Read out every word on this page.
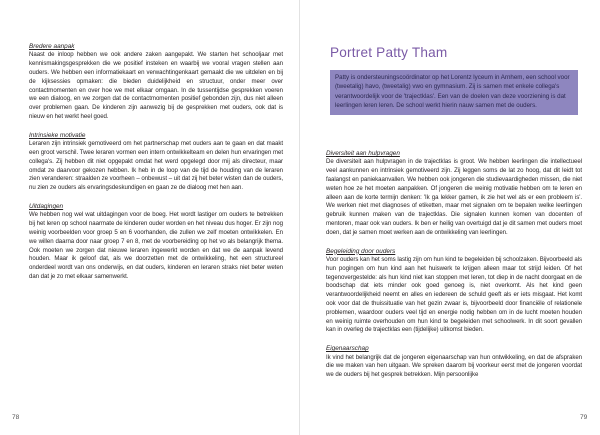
Bredere aanpak

Naast de inloop hebben we ook andere zaken aangepakt. We starten het schooljaar met kennismakingsgesprekken die we positief insteken en waarbij we vooral vragen stellen aan ouders. We hebben een informatiekaart en verwachtingenkaart gemaakt die we uitdelen en bij de kijksessies opmaken: die bieden duidelijkheid en structuur, onder meer over contactmomenten en over hoe we met elkaar omgaan. In de tussentijdse gesprekken voeren we een dialoog, en we zorgen dat de contactmomenten positief gebonden zijn, dus niet alleen over problemen gaan. De kinderen zijn aanwezig bij de gesprekken met ouders, ook dat is nieuw en het werkt heel goed.

Intrinsieke motivatie

Leraren zijn intrinsiek gemotiveerd om het partnerschap met ouders aan te gaan en dat maakt een groot verschil. Twee leraren vormen een intern ontwikkelteam en delen hun ervaringen met collega's. Zij hebben dit niet opgepakt omdat het werd opgelegd door mij als directeur, maar omdat ze daarvoor gekozen hebben. Ik heb in de loop van de tijd de houding van de leraren zien veranderen: straalden ze voorheen – onbewust – uit dat zij het beter wisten dan de ouders, nu zien ze ouders als ervaringsdeskundigen en gaan ze de dialoog met hen aan.

Uitdagingen

We hebben nog wel wat uitdagingen voor de boeg. Het wordt lastiger om ouders te betrekken bij het leren op school naarmate de kinderen ouder worden en het niveau dus hoger. Er zijn nog weinig voorbeelden voor groep 5 en 6 voorhanden, die zullen we zelf moeten ontwikkelen. En we willen daarna door naar groep 7 en 8, met de voorbereiding op het vo als belangrijk thema. Ook moeten we zorgen dat nieuwe leraren ingewerkt worden en dat we de aanpak levend houden. Maar ik geloof dat, als we doorzetten met de ontwikkeling, het een structureel onderdeel wordt van ons onderwijs, en dat ouders, kinderen en leraren straks niet beter weten dan dat je zo met elkaar samenwerkt.

78
Portret Patty Tham

Patty is ondersteuningscoördinator op het Lorentz lyceum in Arnhem, een school voor (tweetalig) havo, (tweetalig) vwo en gymnasium. Zij is samen met enkele collega's verantwoordelijk voor de 'trajectklas'. Een van de doelen van deze voorziening is dat leerlingen leren leren. De school werkt hierin nauw samen met de ouders.

Diversiteit aan hulpvragen

De diversiteit aan hulpvragen in de trajectklas is groot. We hebben leerlingen die intellectueel veel aankunnen en intrinsiek gemotiveerd zijn. Zij leggen soms de lat zo hoog, dat dit leidt tot faalangst en paniekaanvallen. We hebben ook jongeren die studievaardigheden missen, die niet weten hoe ze het moeten aanpakken. Of jongeren die weinig motivatie hebben om te leren en alleen aan de korte termijn denken: 'Ik ga lekker gamen, ik zie het wel als er een probleem is'. We werken niet met diagnoses of etiketten, maar met signalen om te bepalen welke leerlingen gebruik kunnen maken van de trajectklas. Die signalen kunnen komen van docenten of mentoren, maar ook van ouders. Ik ben er heilig van overtuigd dat je dit samen met ouders moet doen, dat je samen moet werken aan de ontwikkeling van leerlingen.

Begeleiding door ouders

Voor ouders kan het soms lastig zijn om hun kind te begeleiden bij schoolzaken. Bijvoorbeeld als hun pogingen om hun kind aan het huiswerk te krijgen alleen maar tot strijd leiden. Of het tegenovergestelde: als hun kind niet kan stoppen met leren, tot diep in de nacht doorgaat en de boodschap dat iets minder ook goed genoeg is, niet overkomt. Als het kind geen verantwoordelijkheid neemt en alles en iedereen de schuld geeft als er iets misgaat. Het komt ook voor dat de thuissituatie van het gezin zwaar is, bijvoorbeeld door financiële of relationele problemen, waardoor ouders veel tijd en energie nodig hebben om in de lucht moeten houden en weinig ruimte overhouden om hun kind te begeleiden met schoolwerk. In dit soort gevallen kan in overleg de trajectklas een (tijdelijke) uitkomst bieden.

Eigenaarschap

Ik vind het belangrijk dat de jongeren eigenaarschap van hun ontwikkeling, en dat de afspraken die we maken van hen uitgaan. We spreken daarom bij voorkeur eerst met de jongeren voordat we de ouders bij het gesprek betrekken. Mijn persoonlijke

79
